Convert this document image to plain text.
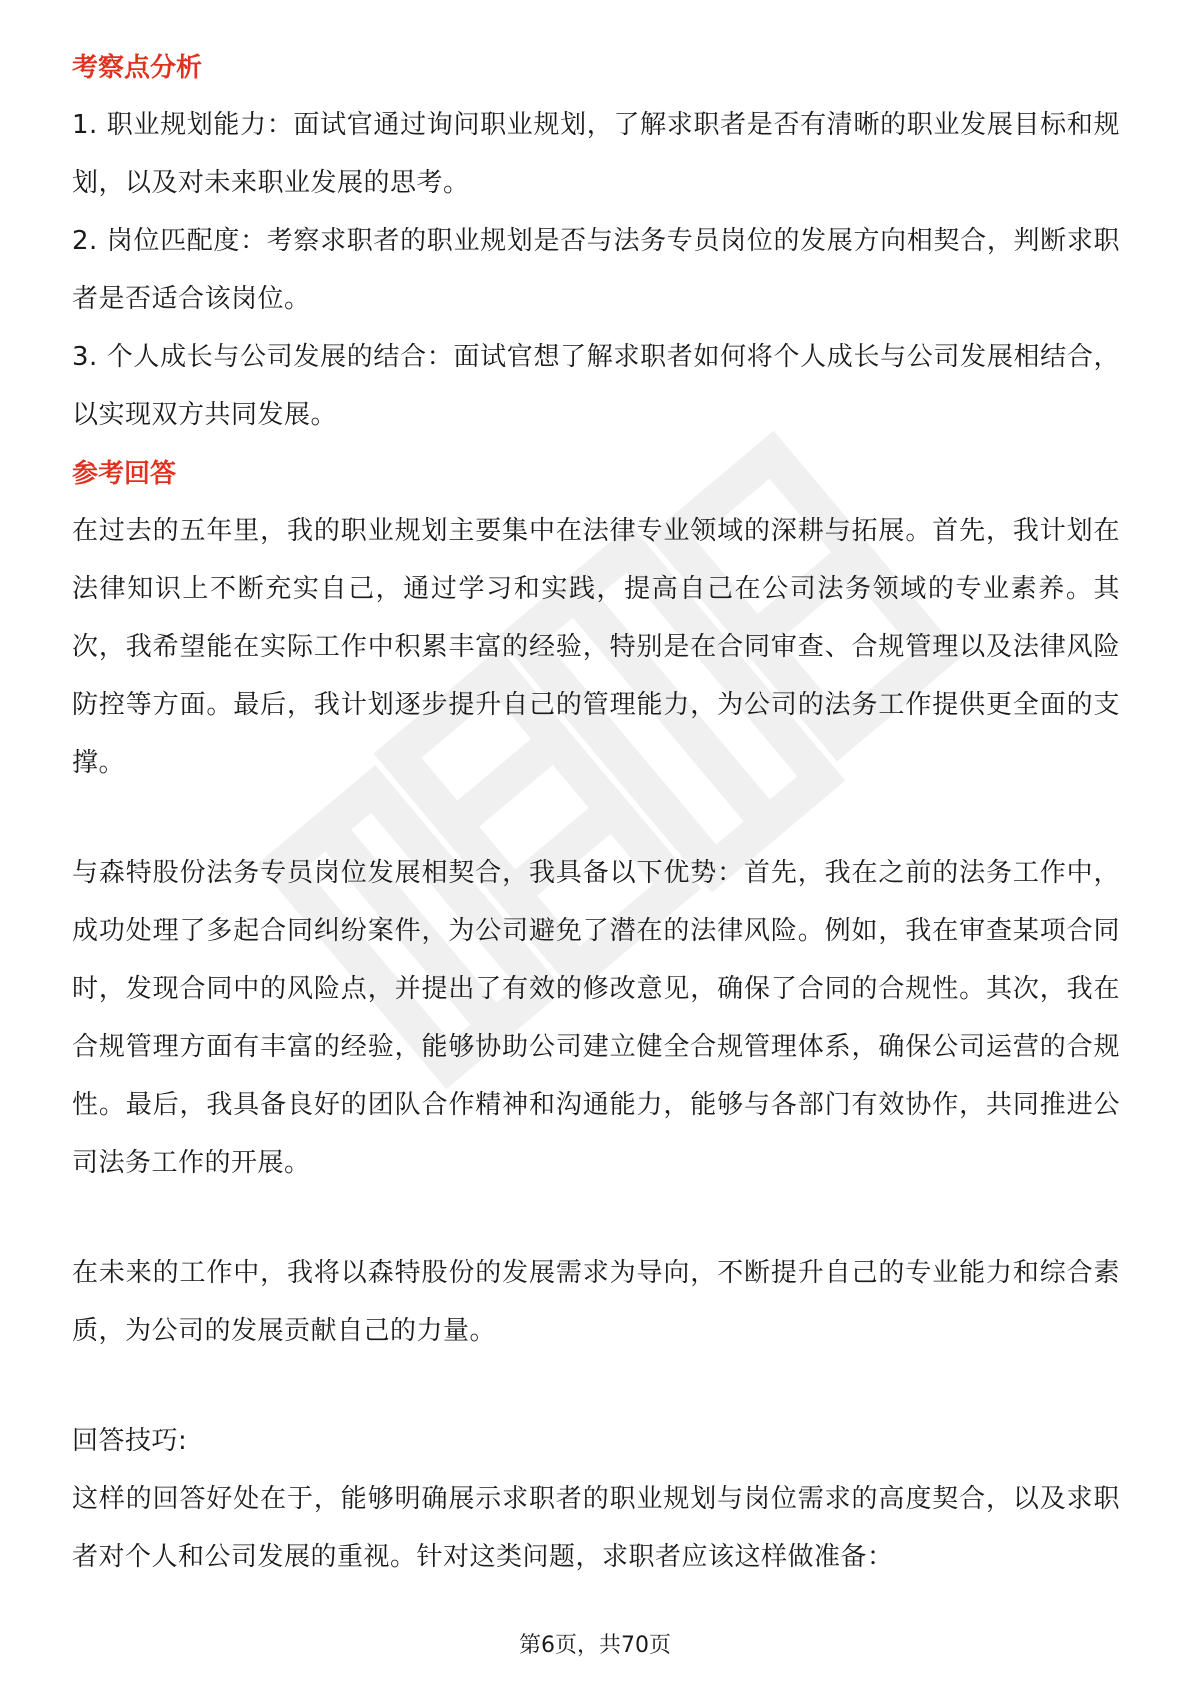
考察点分析

1. 职业规划能力：面试官通过询问职业规划，了解求职者是否有清晰的职业发展目标和规划，以及对未来职业发展的思考。

2. 岗位匹配度：考察求职者的职业规划是否与法务专员岗位的发展方向相契合，判断求职者是否适合该岗位。

3. 个人成长与公司发展的结合：面试官想了解求职者如何将个人成长与公司发展相结合，以实现双方共同发展。

参考回答

在过去的五年里，我的职业规划主要集中在法律专业领域的深耕与拓展。首先，我计划在法律知识上不断充实自己，通过学习和实践，提高自己在公司法务领域的专业素养。其次，我希望能在实际工作中积累丰富的经验，特别是在合同审查、合规管理以及法律风险防控等方面。最后，我计划逐步提升自己的管理能力，为公司的法务工作提供更全面的支撑。

与森特股份法务专员岗位发展相契合，我具备以下优势：首先，我在之前的法务工作中，成功处理了多起合同纠纷案件，为公司避免了潜在的法律风险。例如，我在审查某项合同时，发现合同中的风险点，并提出了有效的修改意见，确保了合同的合规性。其次，我在合规管理方面有丰富的经验，能够协助公司建立健全合规管理体系，确保公司运营的合规性。最后，我具备良好的团队合作精神和沟通能力，能够与各部门有效协作，共同推进公司法务工作的开展。

在未来的工作中，我将以森特股份的发展需求为导向，不断提升自己的专业能力和综合素质，为公司的发展贡献自己的力量。

回答技巧:

这样的回答好处在于，能够明确展示求职者的职业规划与岗位需求的高度契合，以及求职者对个人和公司发展的重视。针对这类问题，求职者应该这样做准备：

第6页，共70页
